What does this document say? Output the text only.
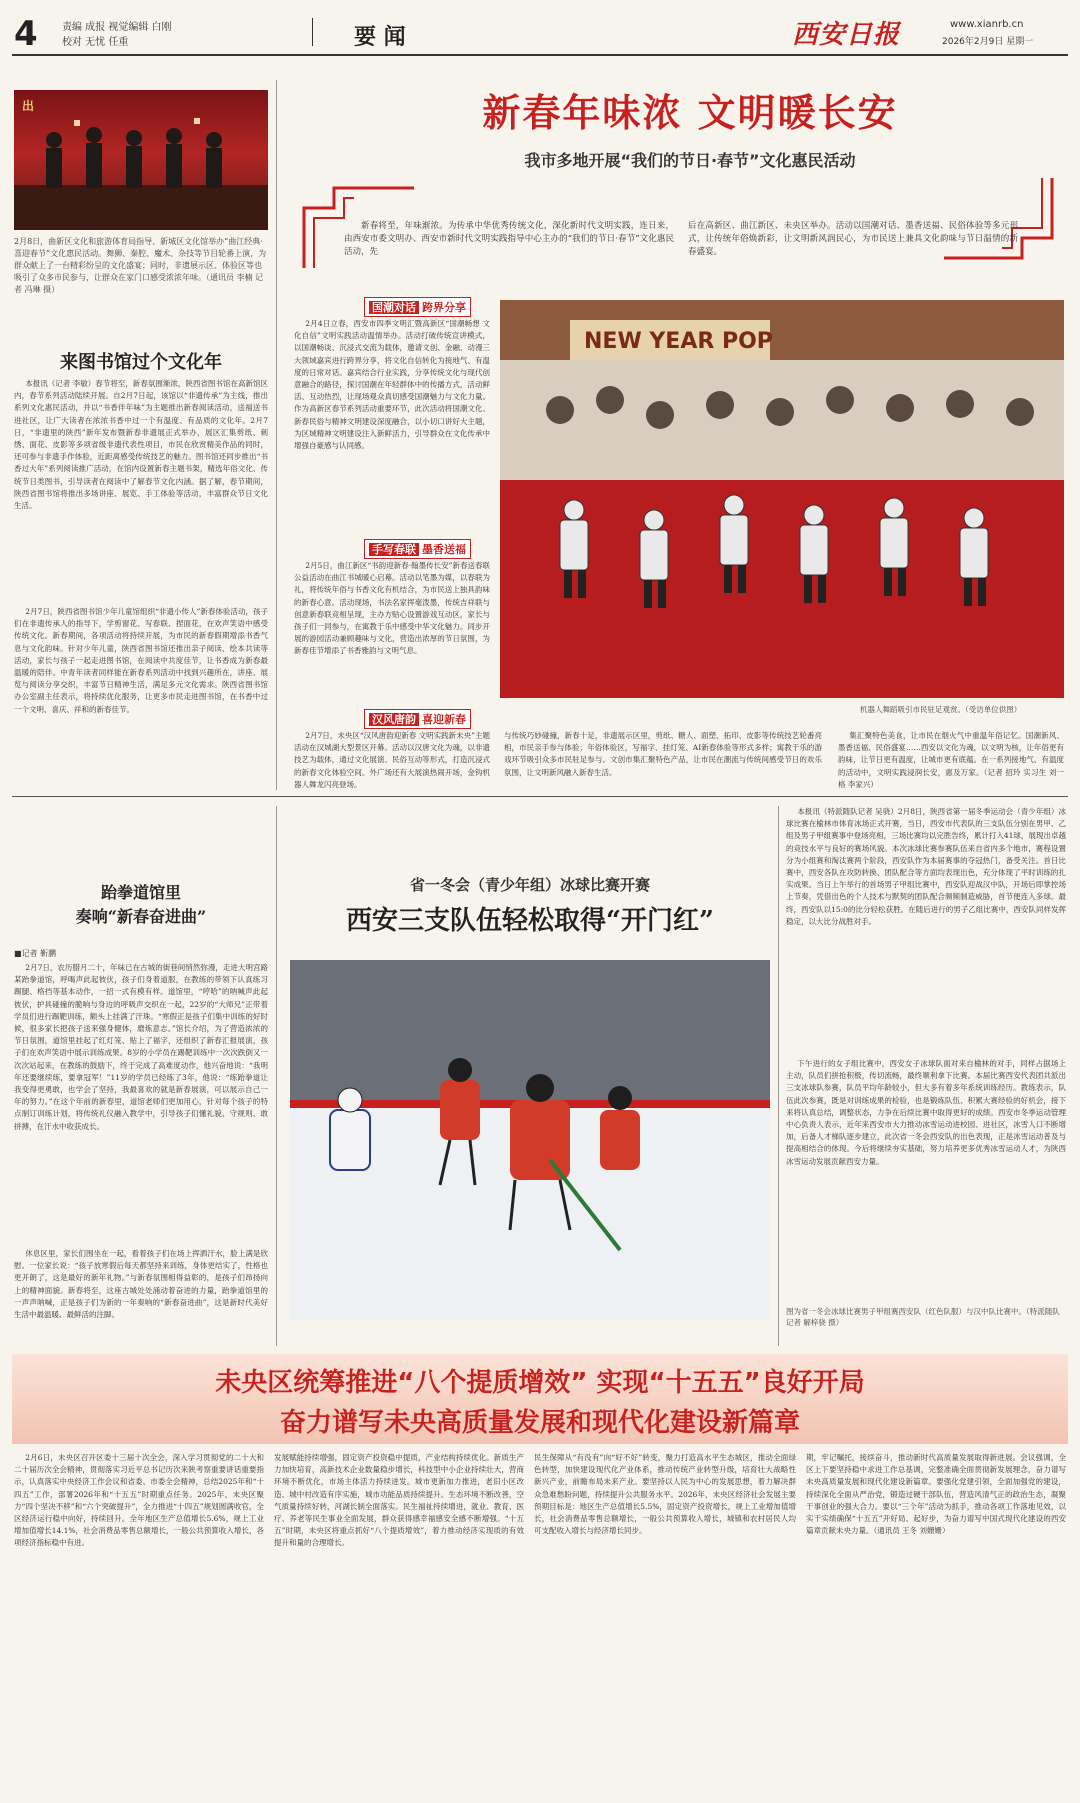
4 责编 成报 视觉编辑 白刚
校对 无忧 任重	要 闻	西安日报	www.xianrb.cn
2026年2月9日 星期一
出
2月8日，曲新区文化和旅游体育局指导、新城区文化馆举办“曲江经典·喜迎春节”文化惠民活动。舞狮、秦腔、魔术、杂技等节目轮番上演，为群众献上了一台精彩纷呈的文化盛宴；同时，非遗展示区、体验区等也吸引了众多市民参与，让群众在家门口感受浓浓年味。（通讯员 李楠 记者 冯琳 摄）
来图书馆过个文化年
本报讯（记者 李敏）春节将至，新春氛围渐浓，陕西省图书馆在高新馆区内，春节系列活动陆续开展。自2月7日起，该馆以“非遗传承”为主线，推出系列文化惠民活动，并以“书香伴年味”为主题推出新春阅读活动，送福送书进社区，让广大读者在浓浓书香中过一个有温度、有品质的文化年。2月7日，“非遗里的陕西”新年发布暨新春非遗展正式举办，展区汇集剪纸、刺绣、面花、皮影等多项省级非遗代表性项目，市民在欣赏精美作品的同时，还可参与非遗手作体验，近距离感受传统技艺的魅力。图书馆还同步推出“书香过大年”系列阅读推广活动，在馆内设置新春主题书架，精选年俗文化、传统节日类图书，引导读者在阅读中了解春节文化内涵。据了解，春节期间，陕西省图书馆将推出多场讲座、展览、手工体验等活动，丰富群众节日文化生活。
2月7日，陕西省图书馆少年儿童馆组织“非遗小传人”新春体验活动，孩子们在非遗传承人的指导下，学剪窗花、写春联、捏面花，在欢声笑语中感受传统文化。新春期间，各项活动将持续开展，为市民的新春假期增添书香气息与文化韵味。针对少年儿童，陕西省图书馆还推出亲子阅读、绘本共读等活动，家长与孩子一起走进图书馆，在阅读中共度佳节，让书香成为新春最温暖的陪伴。中青年读者同样能在新春系列活动中找到兴趣所在，讲座、展览与阅读分享交织，丰富节日精神生活，满足多元文化需求。陕西省图书馆办公室副主任表示，将持续优化服务，让更多市民走进图书馆，在书香中过一个文明、喜庆、祥和的新春佳节。
新春年味浓 文明暖长安
我市多地开展“我们的节日·春节”文化惠民活动
新春将至，年味渐浓。为传承中华优秀传统文化，深化新时代文明实践，连日来，由西安市委文明办、西安市新时代文明实践指导中心主办的“我们的节日·春节”文化惠民活动，先
后在高新区、曲江新区、未央区举办。活动以国潮对话、墨香送福、民俗体验等多元形式，让传统年俗焕新彩，让文明新风润民心，为市民送上兼具文化韵味与节日温情的新春盛宴。
国潮对话 跨界分享
2月4日立春，西安市四季文明汇暨高新区“国潮畅想 文化自信”文明实践活动温情举办。活动打破传统宣讲模式，以国潮畅谈、沉浸式交流为载体，邀请文创、金融、动漫三大领域嘉宾进行跨界分享，将文化自信转化为接地气、有温度的日常对话。嘉宾结合行业实践，分享传统文化与现代创意融合的路径，探讨国潮在年轻群体中的传播方式，活动鲜活、互动热烈，让现场观众真切感受国潮魅力与文化力量。作为高新区春节系列活动重要环节，此次活动将国潮文化、新春民俗与精神文明建设深度融合，以小切口讲好大主题，为区域精神文明建设注入新鲜活力，引导群众在文化传承中增强自豪感与认同感。
手写春联 墨香送福
2月5日，曲江新区“书韵迎新春·翰墨传长安”新春送春联公益活动在曲江书城暖心启幕。活动以笔墨为媒，以春联为礼，将传统年俗与书香文化有机结合，为市民送上独具韵味的新春心意。活动现场，书法名家挥毫泼墨，传统吉祥联与创意新春联竞相呈现，主办方贴心设置游戏互动区，家长与孩子们一同参与，在寓教于乐中感受中华文化魅力。同步开展的游园活动兼顾趣味与文化，营造出浓厚的节日氛围，为新春佳节增添了书香雅韵与文明气息。
汉风唐韵 喜迎新春
2月7日，未央区“汉风唐韵迎新春 文明实践新未央”主题活动在汉城湖大型景区开幕。活动以汉唐文化为魂，以非遗技艺为载体，通过文化展演、民俗互动等形式，打造沉浸式的新春文化体验空间。外广场还有大展演热闹开场，金钩机器人舞龙闪亮登场。
与传统巧妙碰撞，新春十足，非遗展示区里，剪纸、糖人、面塑、拓印、皮影等传统技艺轮番亮相，市民亲手参与体验；年俗体验区，写福字、挂灯笼、AI新春体验等形式多样；寓教于乐的游戏环节吸引众多市民驻足参与。文创市集汇聚特色产品，让市民在潮流与传统间感受节日的欢乐氛围，让文明新风融入新春生活。
集汇聚特色美食，让市民在烟火气中重温年俗记忆。国潮新风、墨香送福、民俗盛宴……西安以文化为魂，以文明为核，让年俗更有韵味，让节日更有温度，让城市更有底蕴。在一系列接地气、有温度的活动中，文明实践浸润长安，惠及万家。（记者 招玲 实习生 刘一格 李家兴）
NEW YEAR POP
机器人舞蹈吸引市民驻足观赏。（受访单位供图）
跆拳道馆里
奏响“新春奋进曲”
■记者 靳鹏
2月7日，农历腊月二十，年味已在古城的街巷间悄然弥漫，走进大明宫路某跆拳道馆，呼喝声此起彼伏，孩子们身着道服，在教练的带领下认真练习踢腿、格挡等基本动作，一招一式有模有样。道馆里，“哼哈”的呐喊声此起彼伏，护具碰撞的脆响与身边的呼吸声交织在一起，22岁的“大师兄”正带着学员们进行踢靶训练，额头上挂满了汗珠。“寒假正是孩子们集中训练的好时候，很多家长把孩子送来强身健体，磨炼意志。”馆长介绍，为了营造浓浓的节日氛围，道馆里挂起了红灯笼、贴上了福字，还组织了新春汇报展演，孩子们在欢声笑语中展示训练成果。8岁的小学员在踢靶训练中一次次跌倒又一次次站起来，在教练的鼓励下，终于完成了高难度动作，他兴奋地说：“我明年还要继续练，要拿冠军！”11岁的学员已经练了3年，他说：“练跆拳道让我变得更勇敢，也学会了坚持，我最喜欢的就是新春展演，可以展示自己一年的努力。”在这个年前的新春里，道馆老师们更加用心，针对每个孩子的特点制订训练计划，将传统礼仪融入教学中，引导孩子们懂礼貌、守规则、敢拼搏，在汗水中收获成长。
休息区里，家长们围坐在一起，看着孩子们在场上挥洒汗水，脸上满是欣慰。一位家长说：“孩子放寒假后每天都坚持来训练，身体更结实了，性格也更开朗了，这是最好的新年礼物。”与新春氛围相得益彰的，是孩子们昂扬向上的精神面貌。新春将至，这座古城处处涌动着奋进的力量，跆拳道馆里的一声声呐喊，正是孩子们为新的一年奏响的“新春奋进曲”，这是新时代美好生活中最温暖、最鲜活的注脚。
省一冬会（青少年组）冰球比赛开赛
西安三支队伍轻松取得“开门红”
本报讯（特派随队记者 吴骁）2月8日，陕西省第一届冬季运动会（青少年组）冰球比赛在榆林市体育冰场正式开赛，当日，西安市代表队的三支队伍分别在男甲、乙组及男子甲组赛事中登场亮相，三场比赛均以完胜告终，累计打入41球，展现出卓越的竞技水平与良好的赛场风貌。本次冰球比赛参赛队伍来自省内多个地市，赛程设置分为小组赛和淘汰赛两个阶段，西安队作为本届赛事的夺冠热门，备受关注。首日比赛中，西安各队在攻防转换、团队配合等方面均表现出色，充分体现了平时训练的扎实成果。当日上午举行的首场男子甲组比赛中，西安队迎战汉中队，开场后即掌控场上节奏，凭借出色的个人技术与默契的团队配合频频制造威胁，首节便连入多球。最终，西安队以15:0的比分轻松获胜。在随后进行的男子乙组比赛中，西安队同样发挥稳定，以大比分战胜对手。
下午进行的女子组比赛中，西安女子冰球队面对来自榆林的对手，同样占据场上主动，队员们拼抢积极，传切流畅，最终顺利拿下比赛。本届比赛西安代表团共派出三支冰球队参赛，队员平均年龄较小，但大多有着多年系统训练经历。教练表示，队伍此次参赛，既是对训练成果的检验，也是锻炼队伍、积累大赛经验的好机会，接下来将认真总结，调整状态，力争在后续比赛中取得更好的成绩。西安市冬季运动管理中心负责人表示，近年来西安市大力推动冰雪运动进校园、进社区，冰雪人口不断增加，后备人才梯队逐步建立，此次省一冬会西安队的出色表现，正是冰雪运动普及与提高相结合的体现。今后将继续夯实基础，努力培养更多优秀冰雪运动人才，为陕西冰雪运动发展贡献西安力量。
图为省一冬会冰球比赛男子甲组赛西安队（红色队服）与汉中队比赛中。（特派随队记者 解梓骁 摄）
未央区统筹推进“八个提质增效” 实现“十五五”良好开局
奋力谱写未央高质量发展和现代化建设新篇章
2月6日，未央区召开区委十三届十次全会，深入学习贯彻党的二十大和二十届历次全会精神，贯彻落实习近平总书记历次来陕考察重要讲话重要指示，认真落实中央经济工作会议和省委、市委全会精神，总结2025年和“十四五”工作，部署2026年和“十五五”时期重点任务。2025年，未央区聚力“四个坚决不移”和“六个突破提升”，全力推进“十四五”规划圆满收官，全区经济运行稳中向好，持续回升。全年地区生产总值增长5.6%，规上工业增加值增长14.1%，社会消费品零售总额增长，一般公共预算收入增长，各项经济指标稳中有进。
发展赋能持续增强，固定资产投资稳中提质，产业结构持续优化。新质生产力加快培育，高新技术企业数量稳步增长，科技型中小企业持续壮大，营商环境不断优化，市场主体活力持续迸发。城市更新加力推进，老旧小区改造、城中村改造有序实施，城市功能品质持续提升。生态环境不断改善，空气质量持续好转，河湖长制全面落实。民生福祉持续增进，就业、教育、医疗、养老等民生事业全面发展，群众获得感幸福感安全感不断增强。“十五五”时期，未央区将重点抓好“八个提质增效”，着力推动经济实现质的有效提升和量的合理增长。
民生保障从“有没有”向“好不好”转变，聚力打造高水平生态城区，推动全面绿色转型，加快建设现代化产业体系，推动传统产业转型升级，培育壮大战略性新兴产业，前瞻布局未来产业。要坚持以人民为中心的发展思想，着力解决群众急难愁盼问题，持续提升公共服务水平。2026年，未央区经济社会发展主要预期目标是：地区生产总值增长5.5%，固定资产投资增长，规上工业增加值增长，社会消费品零售总额增长，一般公共预算收入增长，城镇和农村居民人均可支配收入增长与经济增长同步。
期，牢记嘱托，接续奋斗，推动新时代高质量发展取得新进展。会议强调，全区上下要坚持稳中求进工作总基调，完整准确全面贯彻新发展理念，奋力谱写未央高质量发展和现代化建设新篇章。要强化党建引领，全面加强党的建设，持续深化全面从严治党，锻造过硬干部队伍，营造风清气正的政治生态，凝聚干事创业的强大合力。要以“三个年”活动为抓手，推动各项工作落地见效，以实干实绩确保“十五五”开好局、起好步，为奋力谱写中国式现代化建设的西安篇章贡献未央力量。（通讯员 王冬 刘姗姗）
